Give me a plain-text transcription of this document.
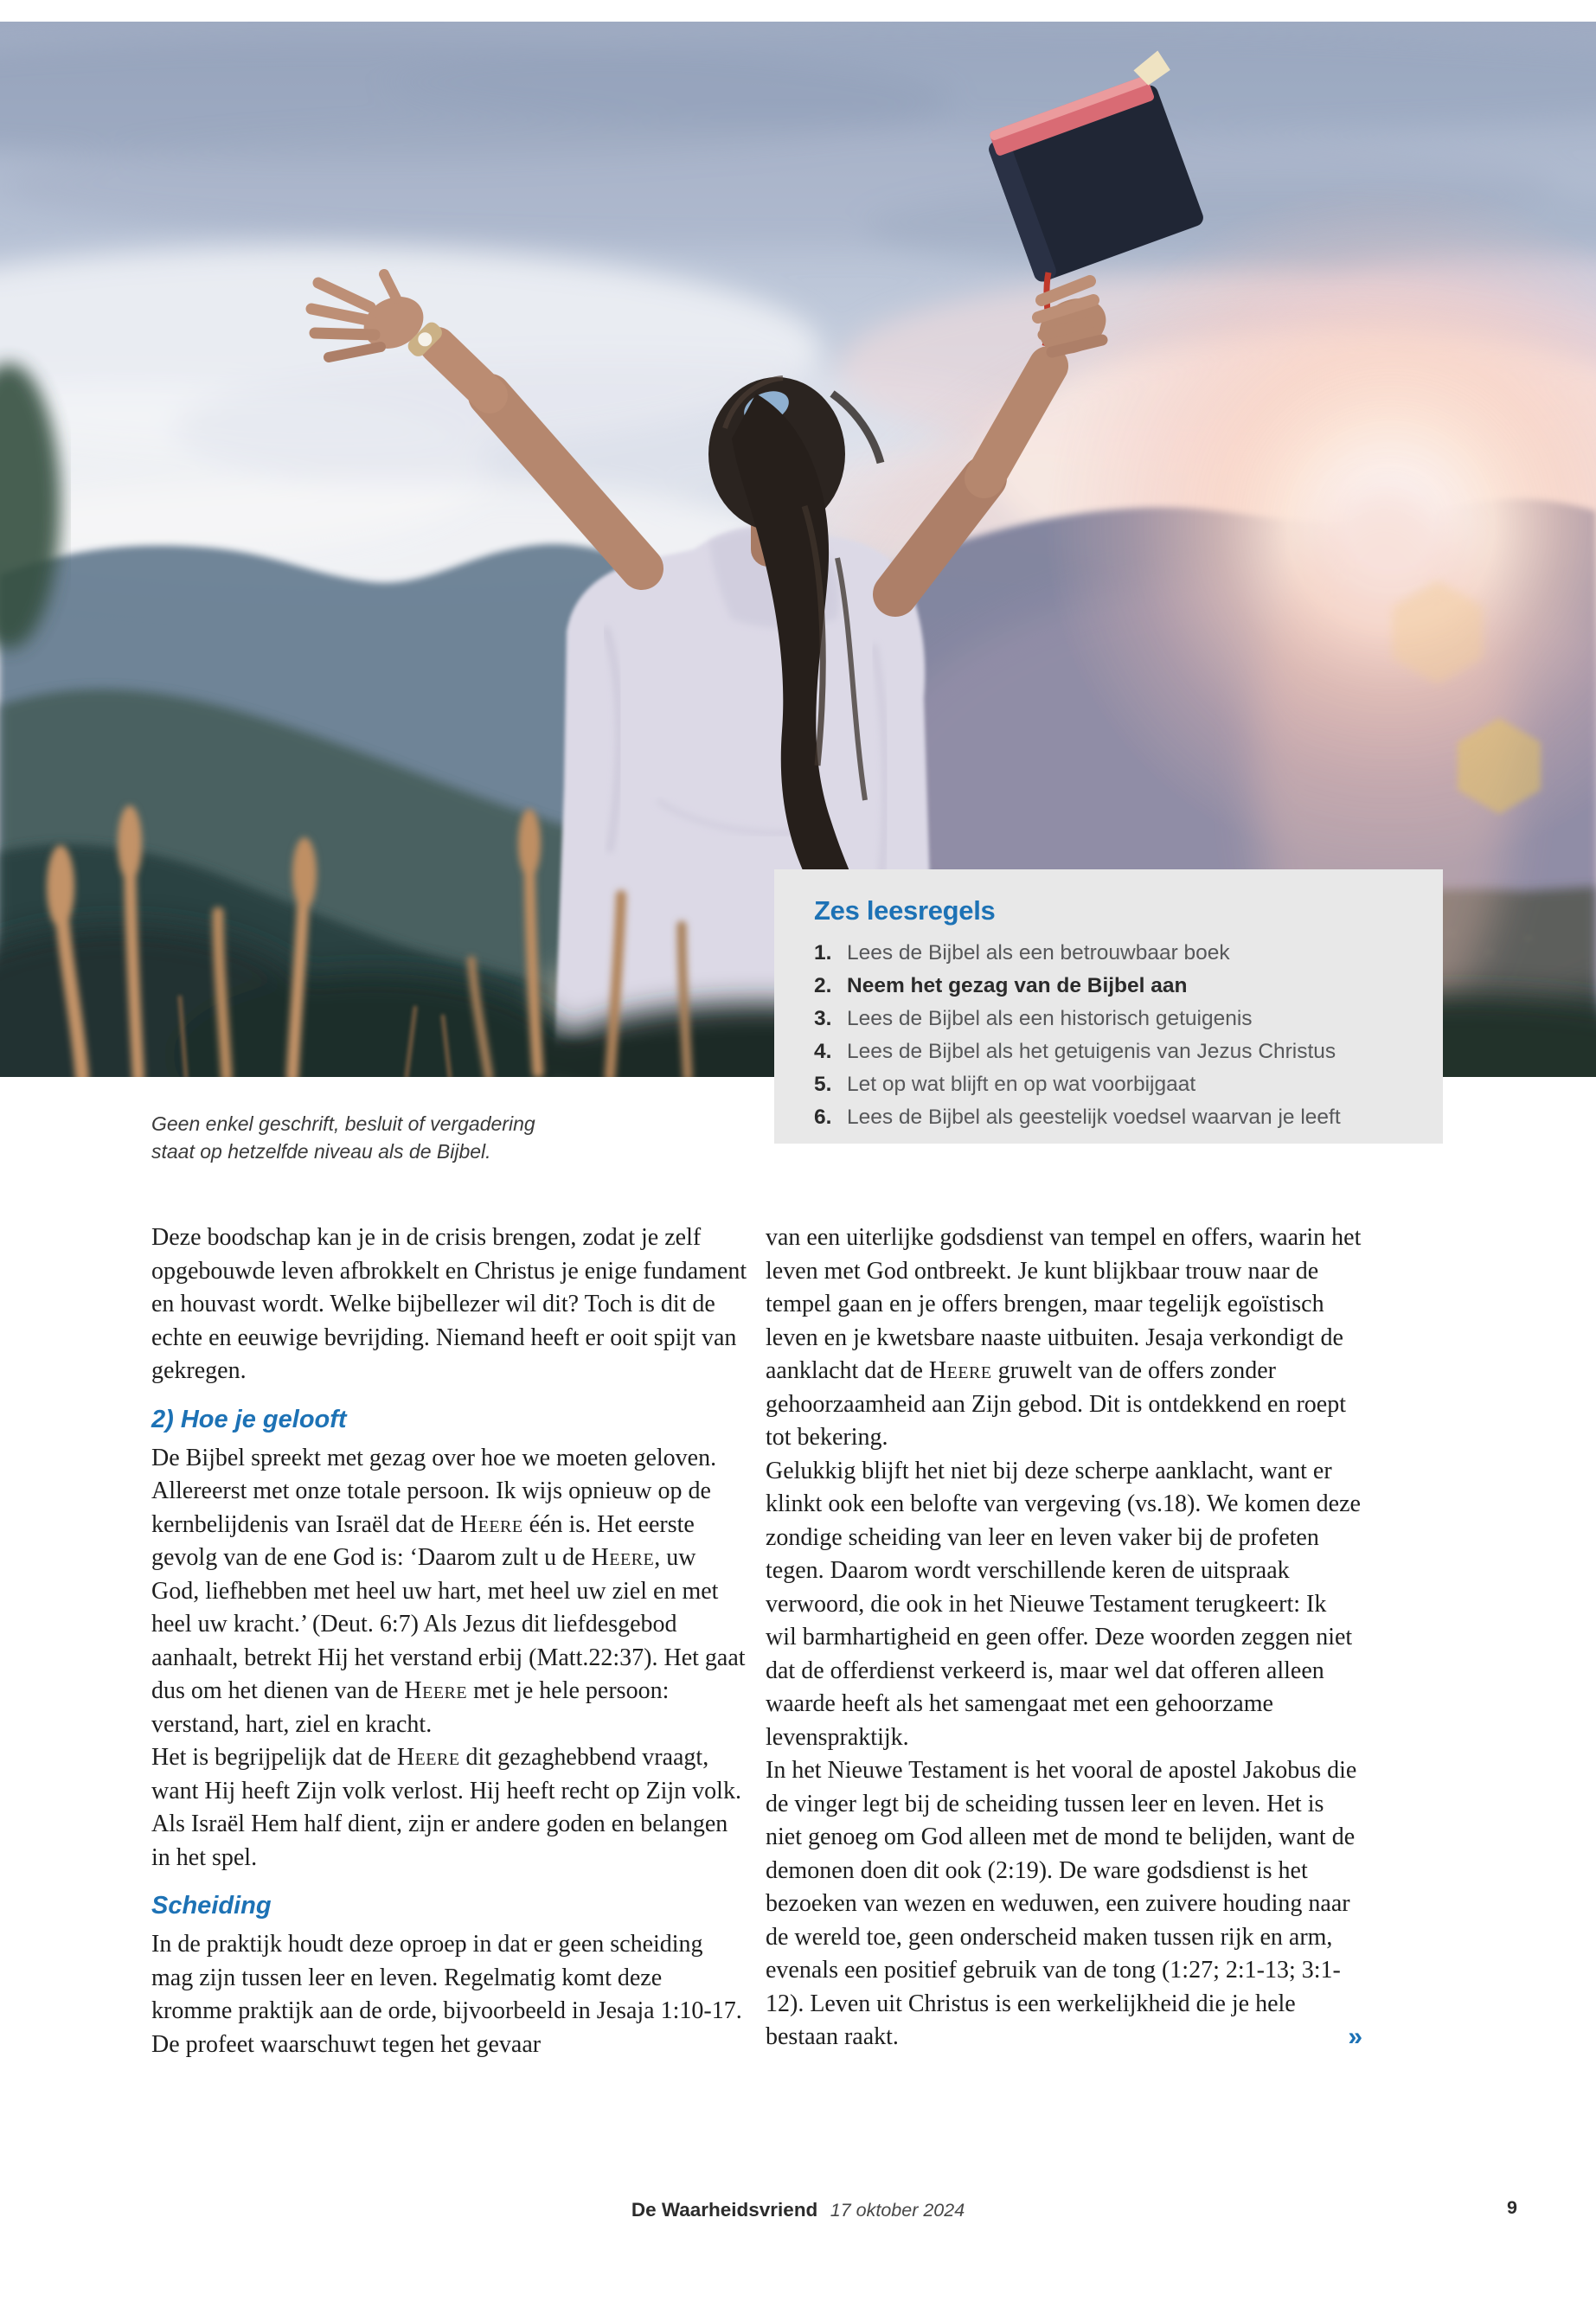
Zes leesregels
1. Lees de Bijbel als een betrouwbaar boek
2. Neem het gezag van de Bijbel aan
3. Lees de Bijbel als een historisch getuigenis
4. Lees de Bijbel als het getuigenis van Jezus Christus
5. Let op wat blijft en op wat voorbijgaat
6. Lees de Bijbel als geestelijk voedsel waarvan je leeft
Geen enkel geschrift, besluit of vergadering staat op hetzelfde niveau als de Bijbel.
Deze boodschap kan je in de crisis brengen, zodat je zelf opgebouwde leven afbrokkelt en Christus je enige fundament en houvast wordt. Welke bijbellezer wil dit? Toch is dit de echte en eeuwige bevrijding. Niemand heeft er ooit spijt van gekregen.
2) Hoe je gelooft
De Bijbel spreekt met gezag over hoe we moeten geloven. Allereerst met onze totale persoon. Ik wijs opnieuw op de kernbelijdenis van Israël dat de Heere één is. Het eerste gevolg van de ene God is: ‘Daarom zult u de Heere, uw God, liefhebben met heel uw hart, met heel uw ziel en met heel uw kracht.’ (Deut. 6:7) Als Jezus dit liefdesgebod aanhaalt, betrekt Hij het verstand erbij (Matt.22:37). Het gaat dus om het dienen van de Heere met je hele persoon: verstand, hart, ziel en kracht.
Het is begrijpelijk dat de Heere dit gezaghebbend vraagt, want Hij heeft Zijn volk verlost. Hij heeft recht op Zijn volk. Als Israël Hem half dient, zijn er andere goden en belangen in het spel.
Scheiding
In de praktijk houdt deze oproep in dat er geen scheiding mag zijn tussen leer en leven. Regelmatig komt deze kromme praktijk aan de orde, bijvoorbeeld in Jesaja 1:10-17. De profeet waarschuwt tegen het gevaar
van een uiterlijke godsdienst van tempel en offers, waarin het leven met God ontbreekt. Je kunt blijkbaar trouw naar de tempel gaan en je offers brengen, maar tegelijk egoïstisch leven en je kwetsbare naaste uitbuiten. Jesaja verkondigt de aanklacht dat de Heere gruwelt van de offers zonder gehoorzaamheid aan Zijn gebod. Dit is ontdekkend en roept tot bekering.
Gelukkig blijft het niet bij deze scherpe aanklacht, want er klinkt ook een belofte van vergeving (vs.18). We komen deze zondige scheiding van leer en leven vaker bij de profeten tegen. Daarom wordt verschillende keren de uitspraak verwoord, die ook in het Nieuwe Testament terugkeert: Ik wil barmhartigheid en geen offer. Deze woorden zeggen niet dat de offerdienst verkeerd is, maar wel dat offeren alleen waarde heeft als het samengaat met een gehoorzame levenspraktijk.
In het Nieuwe Testament is het vooral de apostel Jakobus die de vinger legt bij de scheiding tussen leer en leven. Het is niet genoeg om God alleen met de mond te belijden, want de demonen doen dit ook (2:19). De ware godsdienst is het bezoeken van wezen en weduwen, een zuivere houding naar de wereld toe, geen onderscheid maken tussen rijk en arm, evenals een positief gebruik van de tong (1:27; 2:1-13; 3:1-12). Leven uit Christus is een werkelijkheid die je hele bestaan raakt.	»
De Waarheidsvriend 17 oktober 2024	9
